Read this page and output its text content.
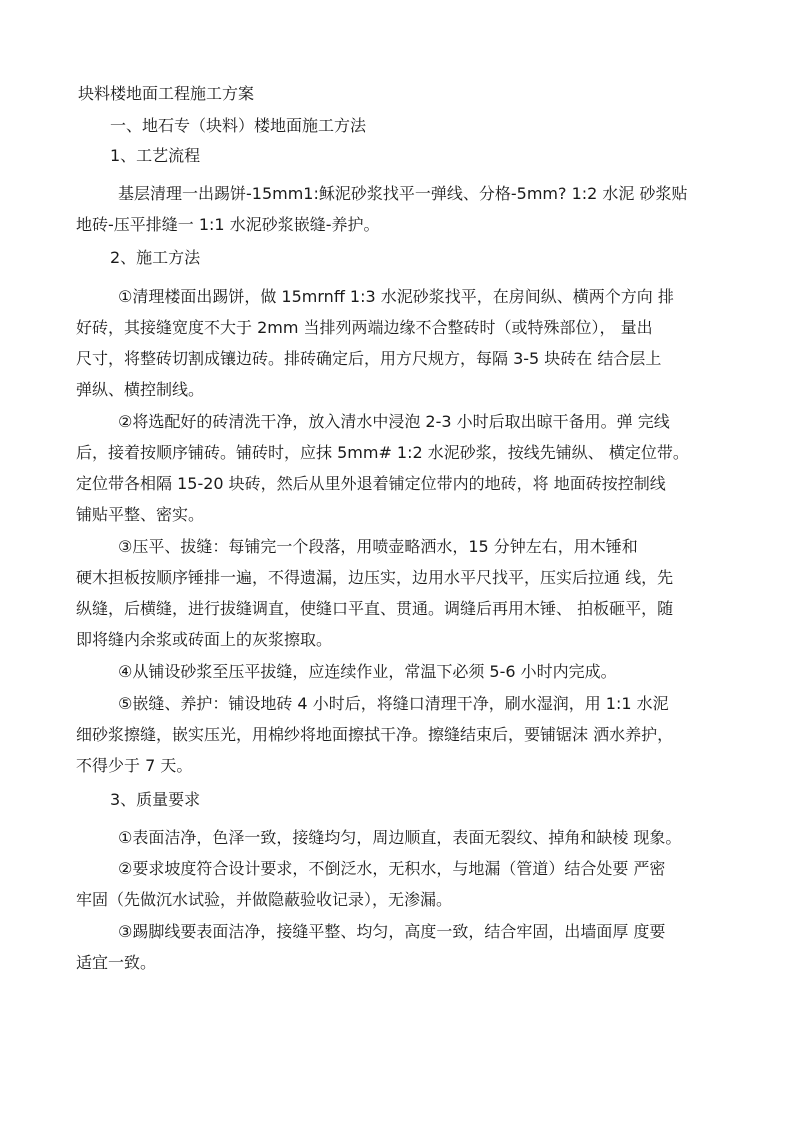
块料楼地面工程施工方案
一、地石专（块料）楼地面施工方法
1、工艺流程
基层清理一出踢饼-15mm1:稣泥砂浆找平一弹线、分格-5mm? 1:2 水泥 砂浆贴
地砖-压平排缝一 1:1 水泥砂浆嵌缝-养护。
2、施工方法
①清理楼面出踢饼，做 15mrnff 1:3 水泥砂浆找平，在房间纵、横两个方向 排
好砖，其接缝宽度不大于 2mm 当排列两端边缘不合整砖时（或特殊部位）， 量出
尺寸，将整砖切割成镶边砖。排砖确定后，用方尺规方，每隔 3-5 块砖在 结合层上
弹纵、横控制线。
②将选配好的砖清洗干净，放入清水中浸泡 2-3 小时后取出晾干备用。弹 完线
后，接着按顺序铺砖。铺砖时，应抹 5mm# 1:2 水泥砂浆，按线先铺纵、 横定位带。
定位带各相隔 15-20 块砖，然后从里外退着铺定位带内的地砖，将 地面砖按控制线
铺贴平整、密实。
③压平、拔缝：每铺完一个段落，用喷壶略洒水，15 分钟左右，用木锤和
硬木担板按顺序锤排一遍，不得遗漏，边压实，边用水平尺找平，压实后拉通 线，先
纵缝，后横缝，进行拔缝调直，使缝口平直、贯通。调缝后再用木锤、 拍板砸平，随
即将缝内余浆或砖面上的灰浆擦取。
④从铺设砂浆至压平拔缝，应连续作业，常温下必须 5-6 小时内完成。
⑤嵌缝、养护：铺设地砖 4 小时后，将缝口清理干净，刷水湿润，用 1:1 水泥
细砂浆擦缝，嵌实压光，用棉纱将地面擦拭干净。擦缝结束后，要铺锯沫 洒水养护，
不得少于 7 天。
3、质量要求
①表面洁净，色泽一致，接缝均匀，周边顺直，表面无裂纹、掉角和缺棱 现象。
②要求坡度符合设计要求，不倒泛水，无积水，与地漏（管道）结合处要 严密
牢固（先做沉水试验，并做隐蔽验收记录），无渗漏。
③踢脚线要表面洁净，接缝平整、均匀，高度一致，结合牢固，出墙面厚 度要
适宜一致。
